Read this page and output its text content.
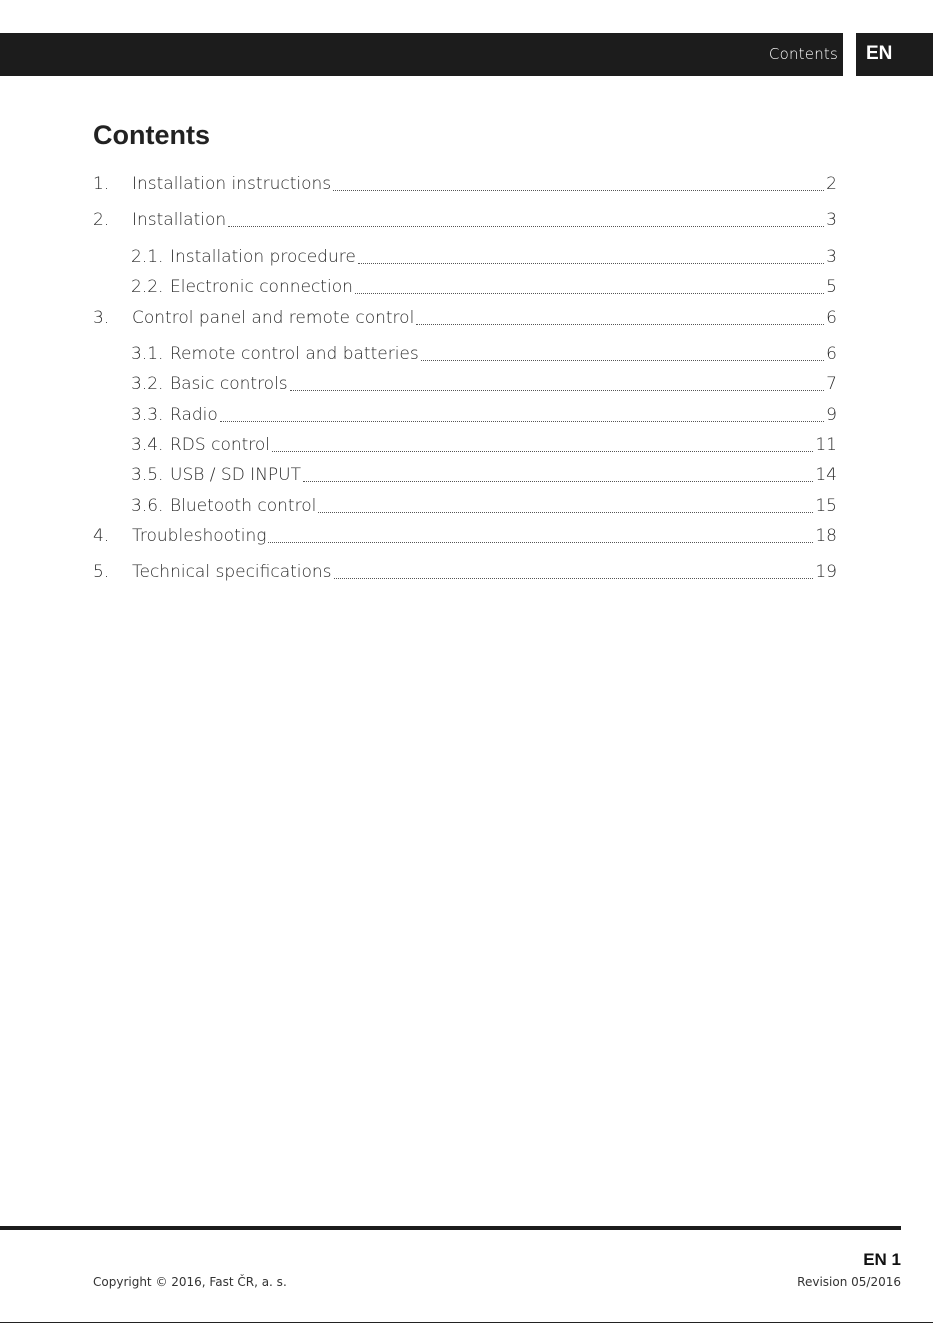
Contents EN
Contents
1.	Installation instructions	2
2.	Installation	3
2.1. Installation procedure	3
2.2. Electronic connection	5
3.	Control panel and remote control	6
3.1. Remote control and batteries	6
3.2. Basic controls	7
3.3. Radio	9
3.4. RDS control	11
3.5. USB / SD INPUT	14
3.6. Bluetooth control	15
4.	Troubleshooting	18
5.	Technical specifications	19
EN 1
Copyright © 2016, Fast ČR, a. s.	Revision 05/2016
